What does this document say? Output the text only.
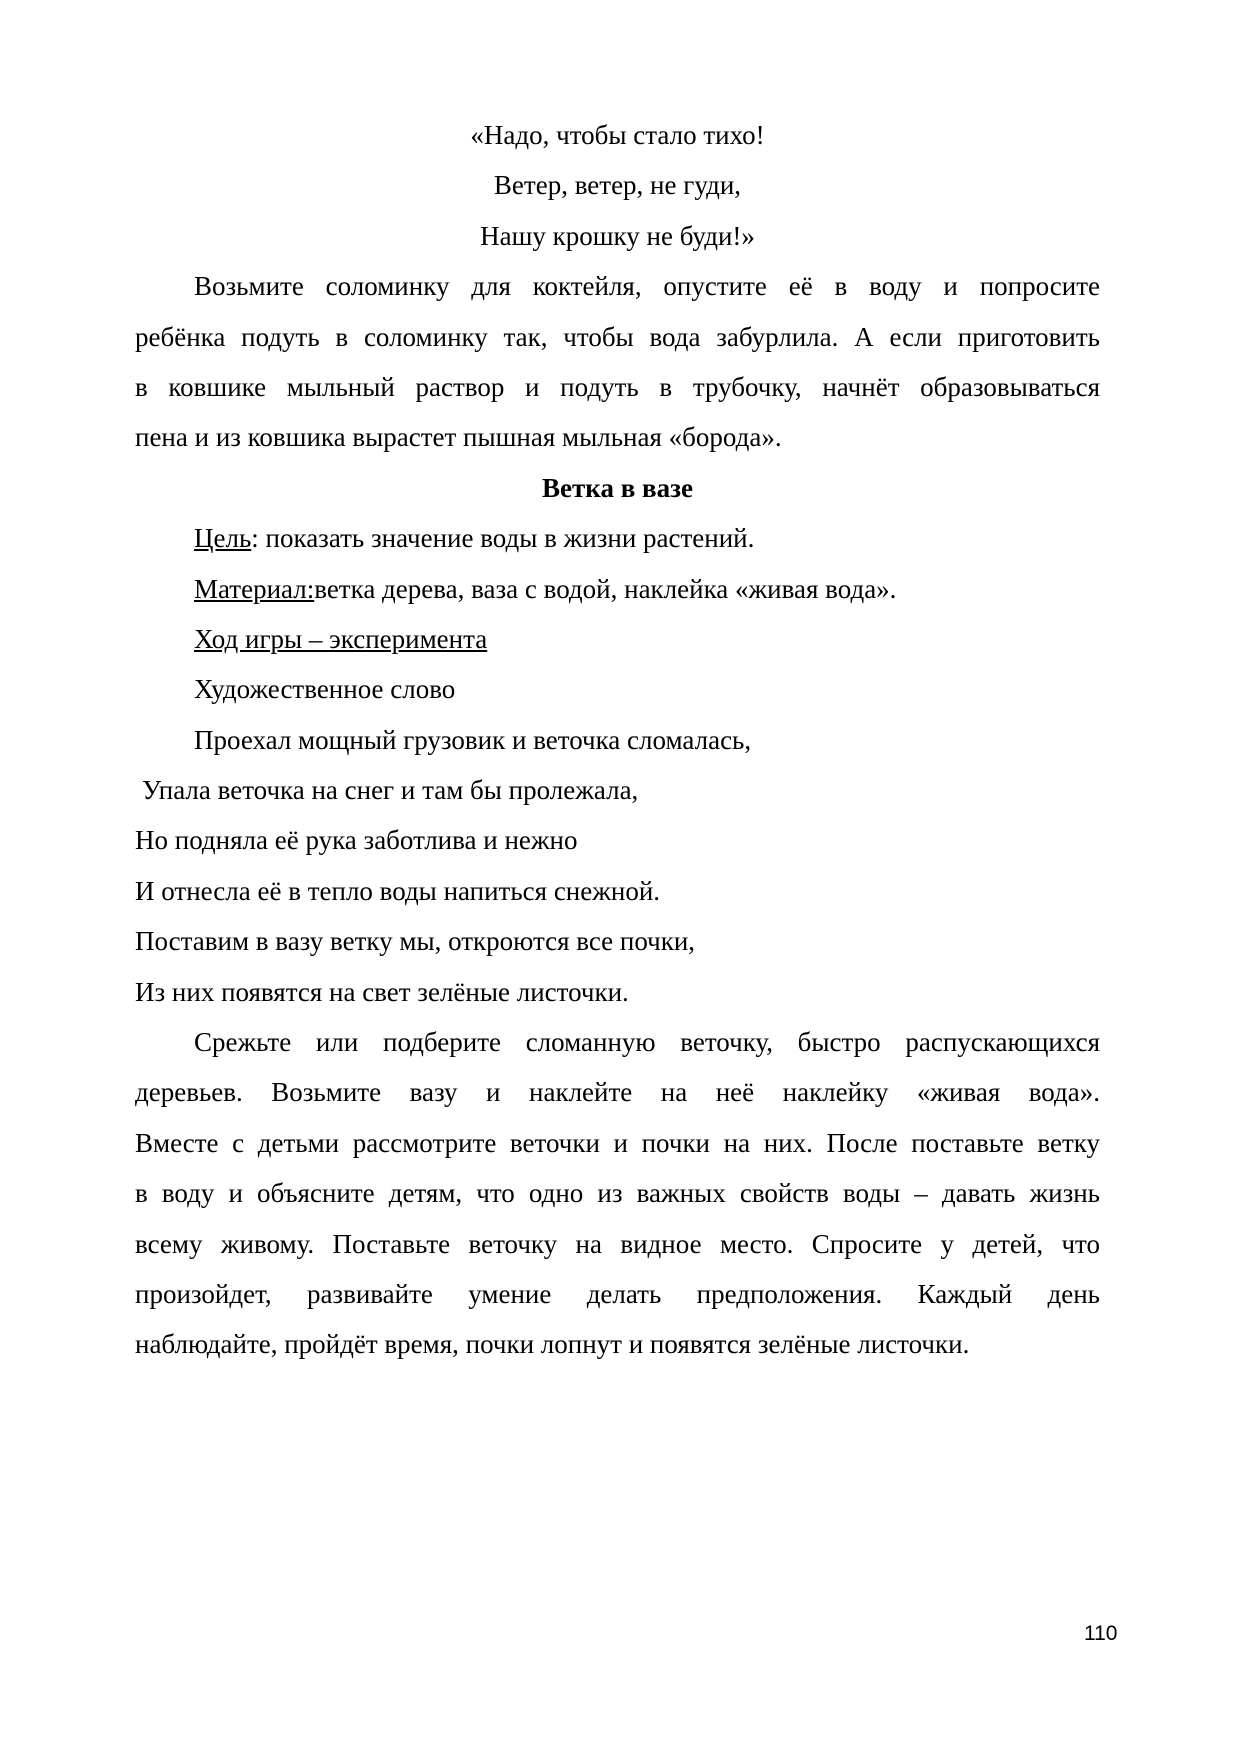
«Надо, чтобы стало тихо!
Ветер, ветер, не гуди,
Нашу крошку не буди!»
Возьмите соломинку для коктейля, опустите её в воду и попросите
ребёнка подуть в соломинку так, чтобы вода забурлила. А если приготовить
в ковшике мыльный раствор и подуть в трубочку, начнёт образовываться
пена и из ковшика вырастет пышная мыльная «борода».
Ветка в вазе
Цель: показать значение воды в жизни растений.
Материал:ветка дерева, ваза с водой, наклейка «живая вода».
Ход игры – эксперимента
Художественное слово
Проехал мощный грузовик и веточка сломалась,
Упала веточка на снег и там бы пролежала,
Но подняла её рука заботлива и нежно
И отнесла её в тепло воды напиться снежной.
Поставим в вазу ветку мы, откроются все почки,
Из них появятся на свет зелёные листочки.
Срежьте или подберите сломанную веточку, быстро распускающихся
деревьев. Возьмите вазу и наклейте на неё наклейку «живая вода».
Вместе с детьми рассмотрите веточки и почки на них. После поставьте ветку
в воду и объясните детям, что одно из важных свойств воды – давать жизнь
всему живому. Поставьте веточку на видное место. Спросите у детей, что
произойдет, развивайте умение делать предположения. Каждый день
наблюдайте, пройдёт время, почки лопнут и появятся зелёные листочки.
110
